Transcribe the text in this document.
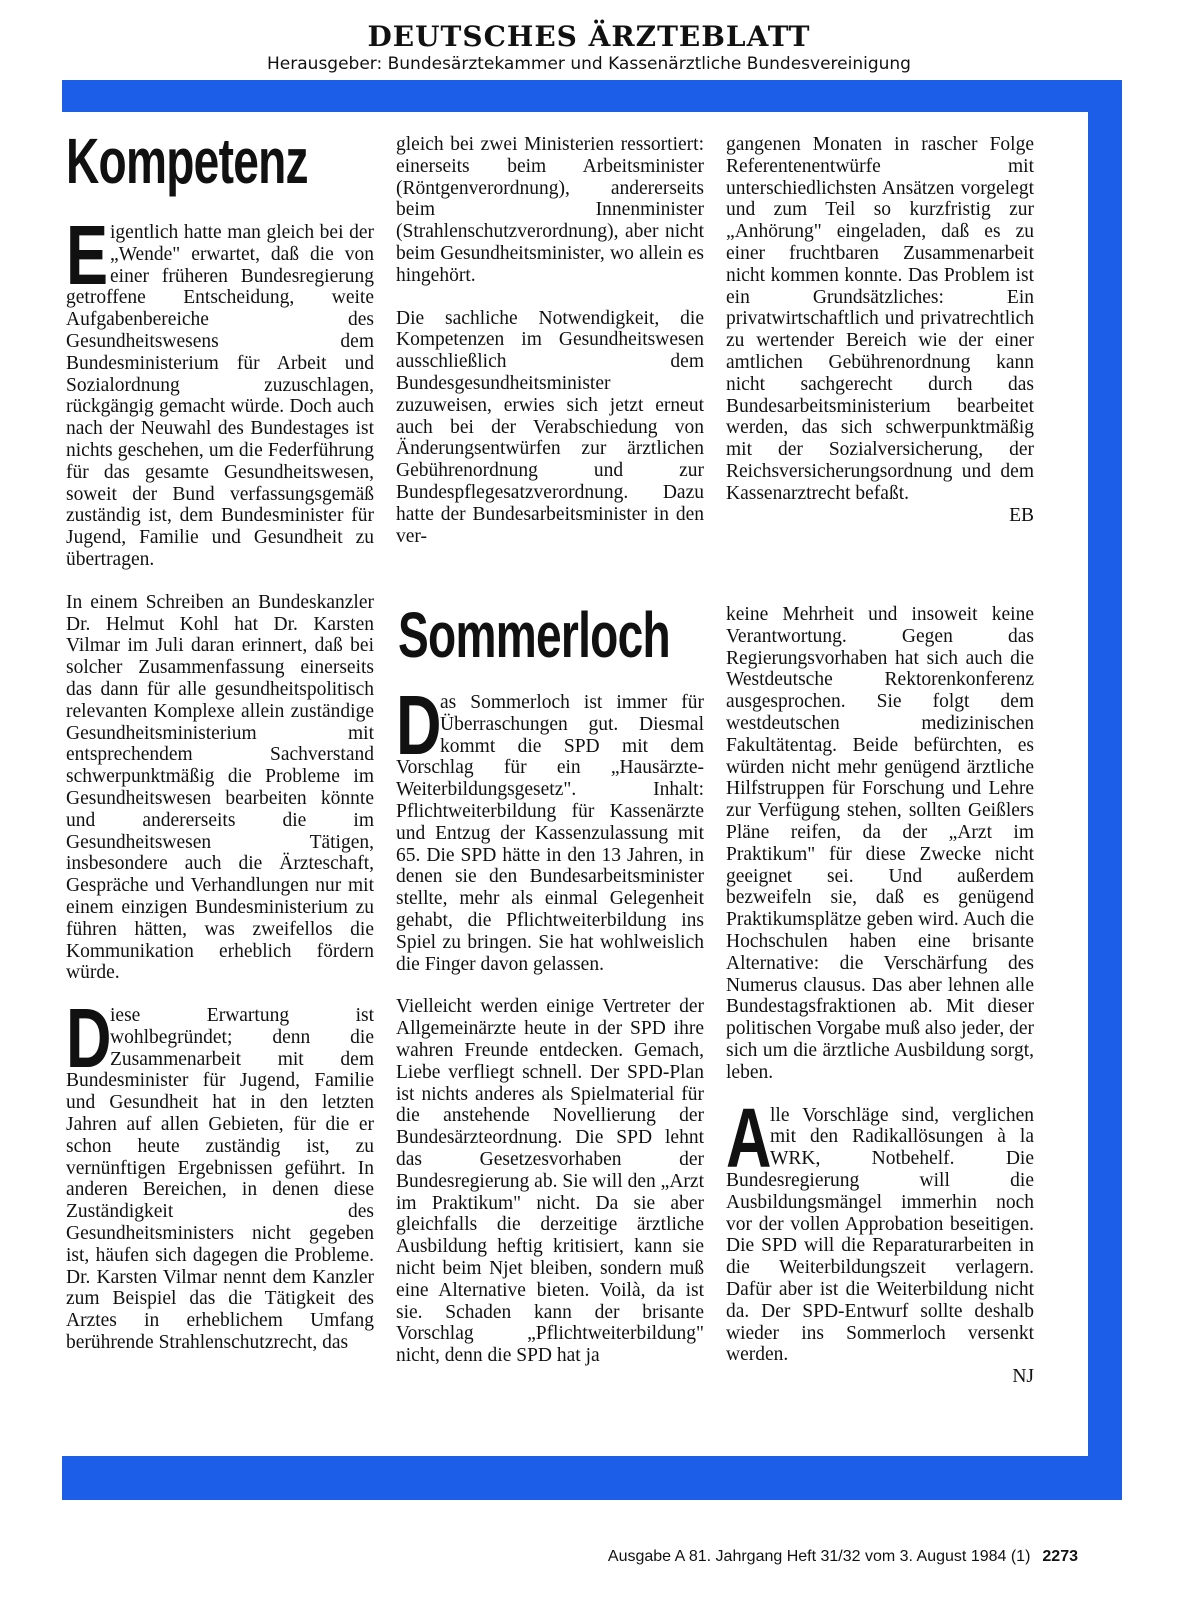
DEUTSCHES ÄRZTEBLATT
Herausgeber: Bundesärztekammer und Kassenärztliche Bundesvereinigung
Kompetenz

Eigentlich hatte man gleich bei der „Wende" erwartet, daß die von einer früheren Bundesregierung getroffene Entscheidung, weite Aufgabenbereiche des Gesundheitswesens dem Bundesministerium für Arbeit und Sozialordnung zuzuschlagen, rückgängig gemacht würde. Doch auch nach der Neuwahl des Bundestages ist nichts geschehen, um die Federführung für das gesamte Gesundheitswesen, soweit der Bund verfassungsgemäß zuständig ist, dem Bundesminister für Jugend, Familie und Gesundheit zu übertragen.

In einem Schreiben an Bundeskanzler Dr. Helmut Kohl hat Dr. Karsten Vilmar im Juli daran erinnert, daß bei solcher Zusammenfassung einerseits das dann für alle gesundheitspolitisch relevanten Komplexe allein zuständige Gesundheitsministerium mit entsprechendem Sachverstand schwerpunktmäßig die Probleme im Gesundheitswesen bearbeiten könnte und andererseits die im Gesundheitswesen Tätigen, insbesondere auch die Ärzteschaft, Gespräche und Verhandlungen nur mit einem einzigen Bundesministerium zu führen hätten, was zweifellos die Kommunikation erheblich fördern würde.

D
iese Erwartung ist wohlbegründet; denn die Zusammenarbeit mit dem Bundesminister für Jugend, Familie und Gesundheit hat in den letzten Jahren auf allen Gebieten, für die er schon heute zuständig ist, zu vernünftigen Ergebnissen geführt. In anderen Bereichen, in denen diese Zuständigkeit des Gesundheitsministers nicht gegeben ist, häufen sich dagegen die Probleme. Dr. Karsten Vilmar nennt dem Kanzler zum Beispiel das die Tätigkeit des Arztes in erheblichem Umfang berührende Strahlenschutzrecht, das

gleich bei zwei Ministerien ressortiert: einerseits beim Arbeitsminister (Röntgenverordnung), andererseits beim Innenminister (Strahlenschutzverordnung), aber nicht beim Gesundheitsminister, wo allein es hingehört.

Die sachliche Notwendigkeit, die Kompetenzen im Gesundheitswesen ausschließlich dem Bundesgesundheitsminister zuzuweisen, erwies sich jetzt erneut auch bei der Verabschiedung von Änderungsentwürfen zur ärztlichen Gebührenordnung und zur Bundespflegesatzverordnung. Dazu hatte der Bundesarbeitsminister in den ver-

gangenen Monaten in rascher Folge Referentenentwürfe mit unterschiedlichsten Ansätzen vorgelegt und zum Teil so kurzfristig zur „Anhörung" eingeladen, daß es zu einer fruchtbaren Zusammenarbeit nicht kommen konnte. Das Problem ist ein Grundsätzliches: Ein privatwirtschaftlich und privatrechtlich zu wertender Bereich wie der einer amtlichen Gebührenordnung kann nicht sachgerecht durch das Bundesarbeitsministerium bearbeitet werden, das sich schwerpunktmäßig mit der Sozialversicherung, der Reichsversicherungsordnung und dem Kassenarztrecht befaßt.

EB
Sommerloch

D
as Sommerloch ist immer für Überraschungen gut. Diesmal kommt die SPD mit dem Vorschlag für ein „Hausärzte-Weiterbildungsgesetz". Inhalt: Pflichtweiterbildung für Kassenärzte und Entzug der Kassenzulassung mit 65. Die SPD hätte in den 13 Jahren, in denen sie den Bundesarbeitsminister stellte, mehr als einmal Gelegenheit gehabt, die Pflichtweiterbildung ins Spiel zu bringen. Sie hat wohlweislich die Finger davon gelassen.

Vielleicht werden einige Vertreter der Allgemeinärzte heute in der SPD ihre wahren Freunde entdecken. Gemach, Liebe verfliegt schnell. Der SPD-Plan ist nichts anderes als Spielmaterial für die anstehende Novellierung der Bundesärzteordnung. Die SPD lehnt das Gesetzesvorhaben der Bundesregierung ab. Sie will den „Arzt im Praktikum" nicht. Da sie aber gleichfalls die derzeitige ärztliche Ausbildung heftig kritisiert, kann sie nicht beim Njet bleiben, sondern muß eine Alternative bieten. Voilà, da ist sie. Schaden kann der brisante Vorschlag „Pflichtweiterbildung" nicht, denn die SPD hat ja

keine Mehrheit und insoweit keine Verantwortung. Gegen das Regierungsvorhaben hat sich auch die Westdeutsche Rektorenkonferenz ausgesprochen. Sie folgt dem westdeutschen medizinischen Fakultätentag. Beide befürchten, es würden nicht mehr genügend ärztliche Hilfstruppen für Forschung und Lehre zur Verfügung stehen, sollten Geißlers Pläne reifen, da der „Arzt im Praktikum" für diese Zwecke nicht geeignet sei. Und außerdem bezweifeln sie, daß es genügend Praktikumsplätze geben wird. Auch die Hochschulen haben eine brisante Alternative: die Verschärfung des Numerus clausus. Das aber lehnen alle Bundestagsfraktionen ab. Mit dieser politischen Vorgabe muß also jeder, der sich um die ärztliche Ausbildung sorgt, leben.

A
lle Vorschläge sind, verglichen mit den Radikallösungen à la WRK, Notbehelf. Die Bundesregierung will die Ausbildungsmängel immerhin noch vor der vollen Approbation beseitigen. Die SPD will die Reparaturarbeiten in die Weiterbildungszeit verlagern. Dafür aber ist die Weiterbildung nicht da. Der SPD-Entwurf sollte deshalb wieder ins Sommerloch versenkt werden.

NJ
Ausgabe A 81. Jahrgang Heft 31/32 vom 3. August 1984 (1) 2273
